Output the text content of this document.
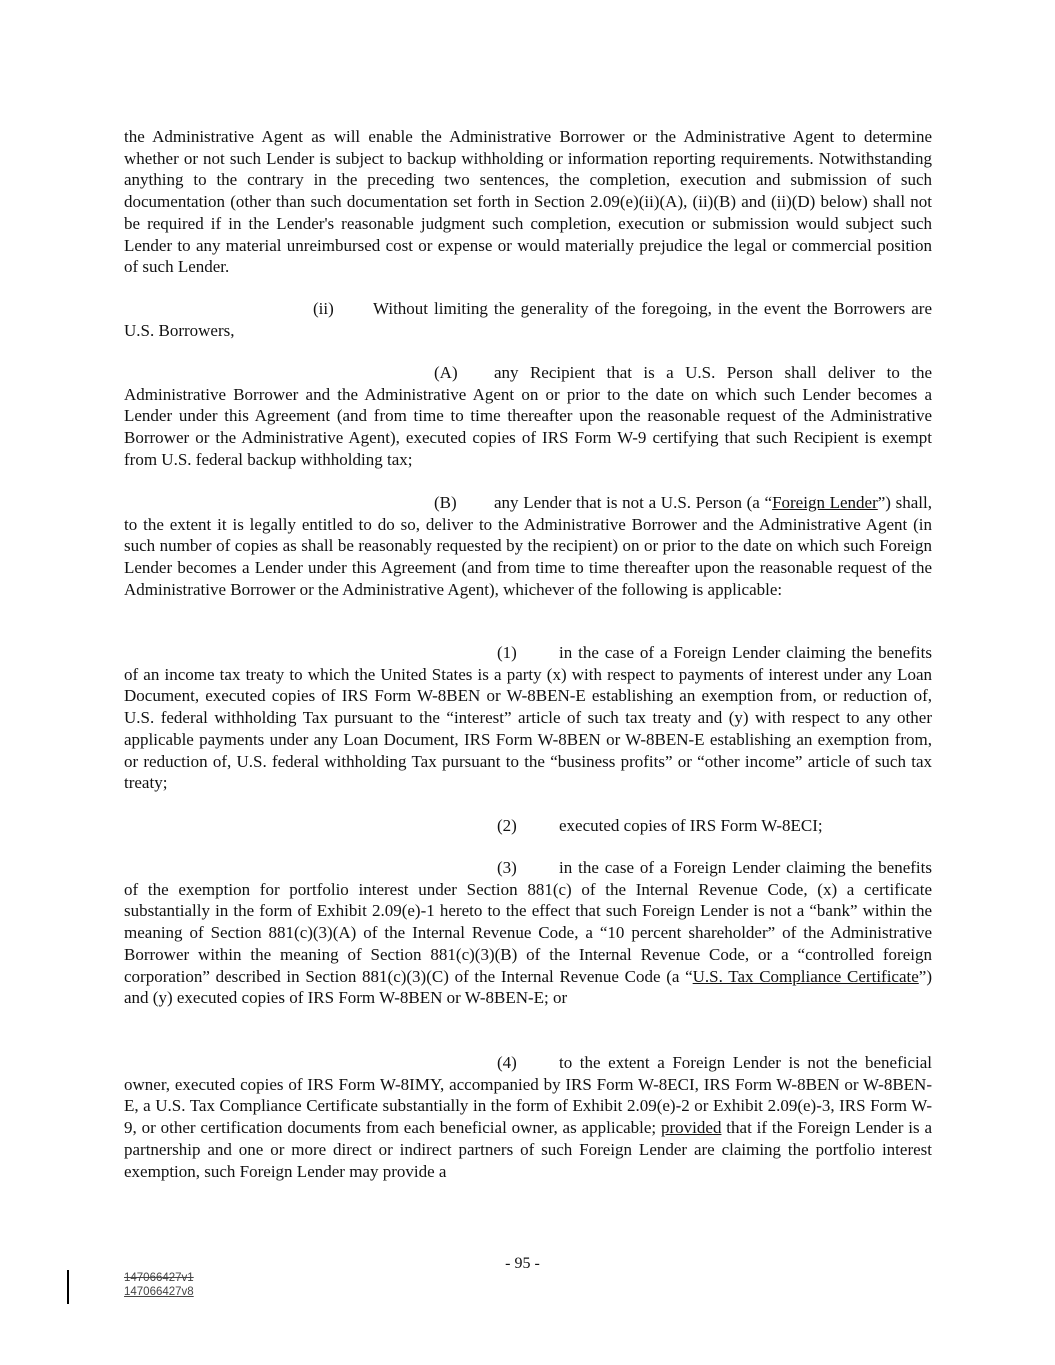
the Administrative Agent as will enable the Administrative Borrower or the Administrative Agent to determine whether or not such Lender is subject to backup withholding or information reporting requirements. Notwithstanding anything to the contrary in the preceding two sentences, the completion, execution and submission of such documentation (other than such documentation set forth in Section 2.09(e)(ii)(A), (ii)(B) and (ii)(D) below) shall not be required if in the Lender's reasonable judgment such completion, execution or submission would subject such Lender to any material unreimbursed cost or expense or would materially prejudice the legal or commercial position of such Lender.

(ii) Without limiting the generality of the foregoing, in the event the Borrowers are U.S. Borrowers,

(A) any Recipient that is a U.S. Person shall deliver to the Administrative Borrower and the Administrative Agent on or prior to the date on which such Lender becomes a Lender under this Agreement (and from time to time thereafter upon the reasonable request of the Administrative Borrower or the Administrative Agent), executed copies of IRS Form W-9 certifying that such Recipient is exempt from U.S. federal backup withholding tax;

(B) any Lender that is not a U.S. Person (a “Foreign Lender”) shall, to the extent it is legally entitled to do so, deliver to the Administrative Borrower and the Administrative Agent (in such number of copies as shall be reasonably requested by the recipient) on or prior to the date on which such Foreign Lender becomes a Lender under this Agreement (and from time to time thereafter upon the reasonable request of the Administrative Borrower or the Administrative Agent), whichever of the following is applicable:

(1) in the case of a Foreign Lender claiming the benefits of an income tax treaty to which the United States is a party (x) with respect to payments of interest under any Loan Document, executed copies of IRS Form W-8BEN or W-8BEN-E establishing an exemption from, or reduction of, U.S. federal withholding Tax pursuant to the “interest” article of such tax treaty and (y) with respect to any other applicable payments under any Loan Document, IRS Form W-8BEN or W-8BEN-E establishing an exemption from, or reduction of, U.S. federal withholding Tax pursuant to the “business profits” or “other income” article of such tax treaty;

(2) executed copies of IRS Form W-8ECI;

(3) in the case of a Foreign Lender claiming the benefits of the exemption for portfolio interest under Section 881(c) of the Internal Revenue Code, (x) a certificate substantially in the form of Exhibit 2.09(e)-1 hereto to the effect that such Foreign Lender is not a “bank” within the meaning of Section 881(c)(3)(A) of the Internal Revenue Code, a “10 percent shareholder” of the Administrative Borrower within the meaning of Section 881(c)(3)(B) of the Internal Revenue Code, or a “controlled foreign corporation” described in Section 881(c)(3)(C) of the Internal Revenue Code (a “U.S. Tax Compliance Certificate”) and (y) executed copies of IRS Form W-8BEN or W-8BEN-E; or

(4) to the extent a Foreign Lender is not the beneficial owner, executed copies of IRS Form W-8IMY, accompanied by IRS Form W-8ECI, IRS Form W-8BEN or W-8BEN-E, a U.S. Tax Compliance Certificate substantially in the form of Exhibit 2.09(e)-2 or Exhibit 2.09(e)-3, IRS Form W-9, or other certification documents from each beneficial owner, as applicable; provided that if the Foreign Lender is a partnership and one or more direct or indirect partners of such Foreign Lender are claiming the portfolio interest exemption, such Foreign Lender may provide a

- 95 -
147066427v1
147066427v8
